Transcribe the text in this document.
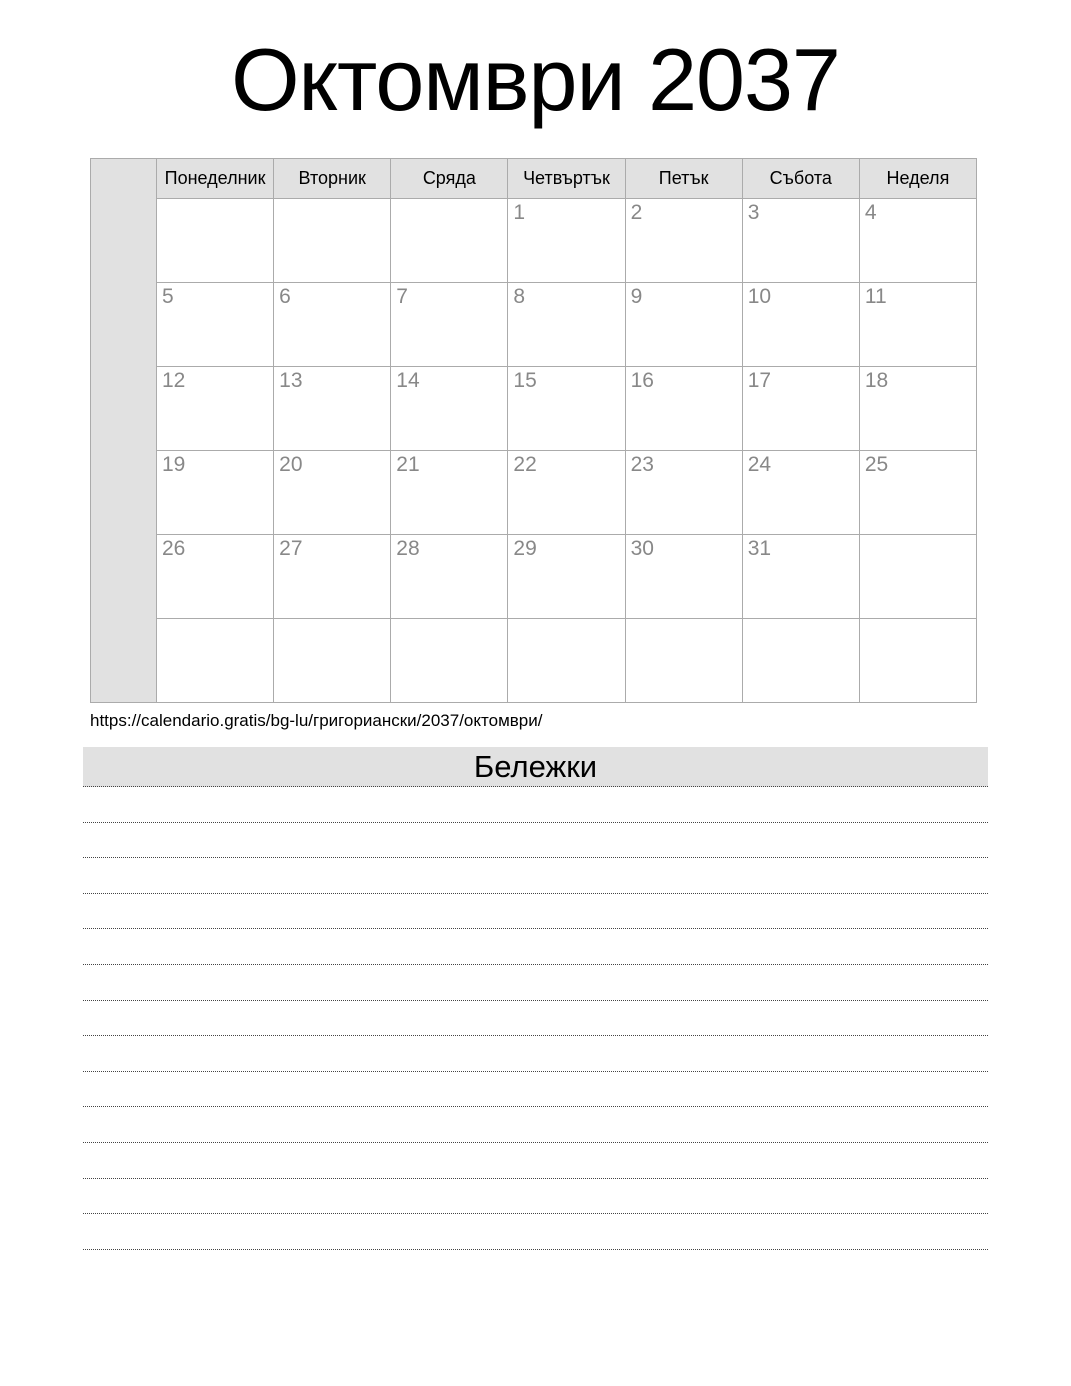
Октомври 2037
	Понеделник	Вторник	Сряда	Четвъртък	Петък	Събота	Неделя
				1	2	3	4
	5	6	7	8	9	10	11
	12	13	14	15	16	17	18
	19	20	21	22	23	24	25
	26	27	28	29	30	31	

https://calendario.gratis/bg-lu/григориански/2037/октомври/
Бележки
